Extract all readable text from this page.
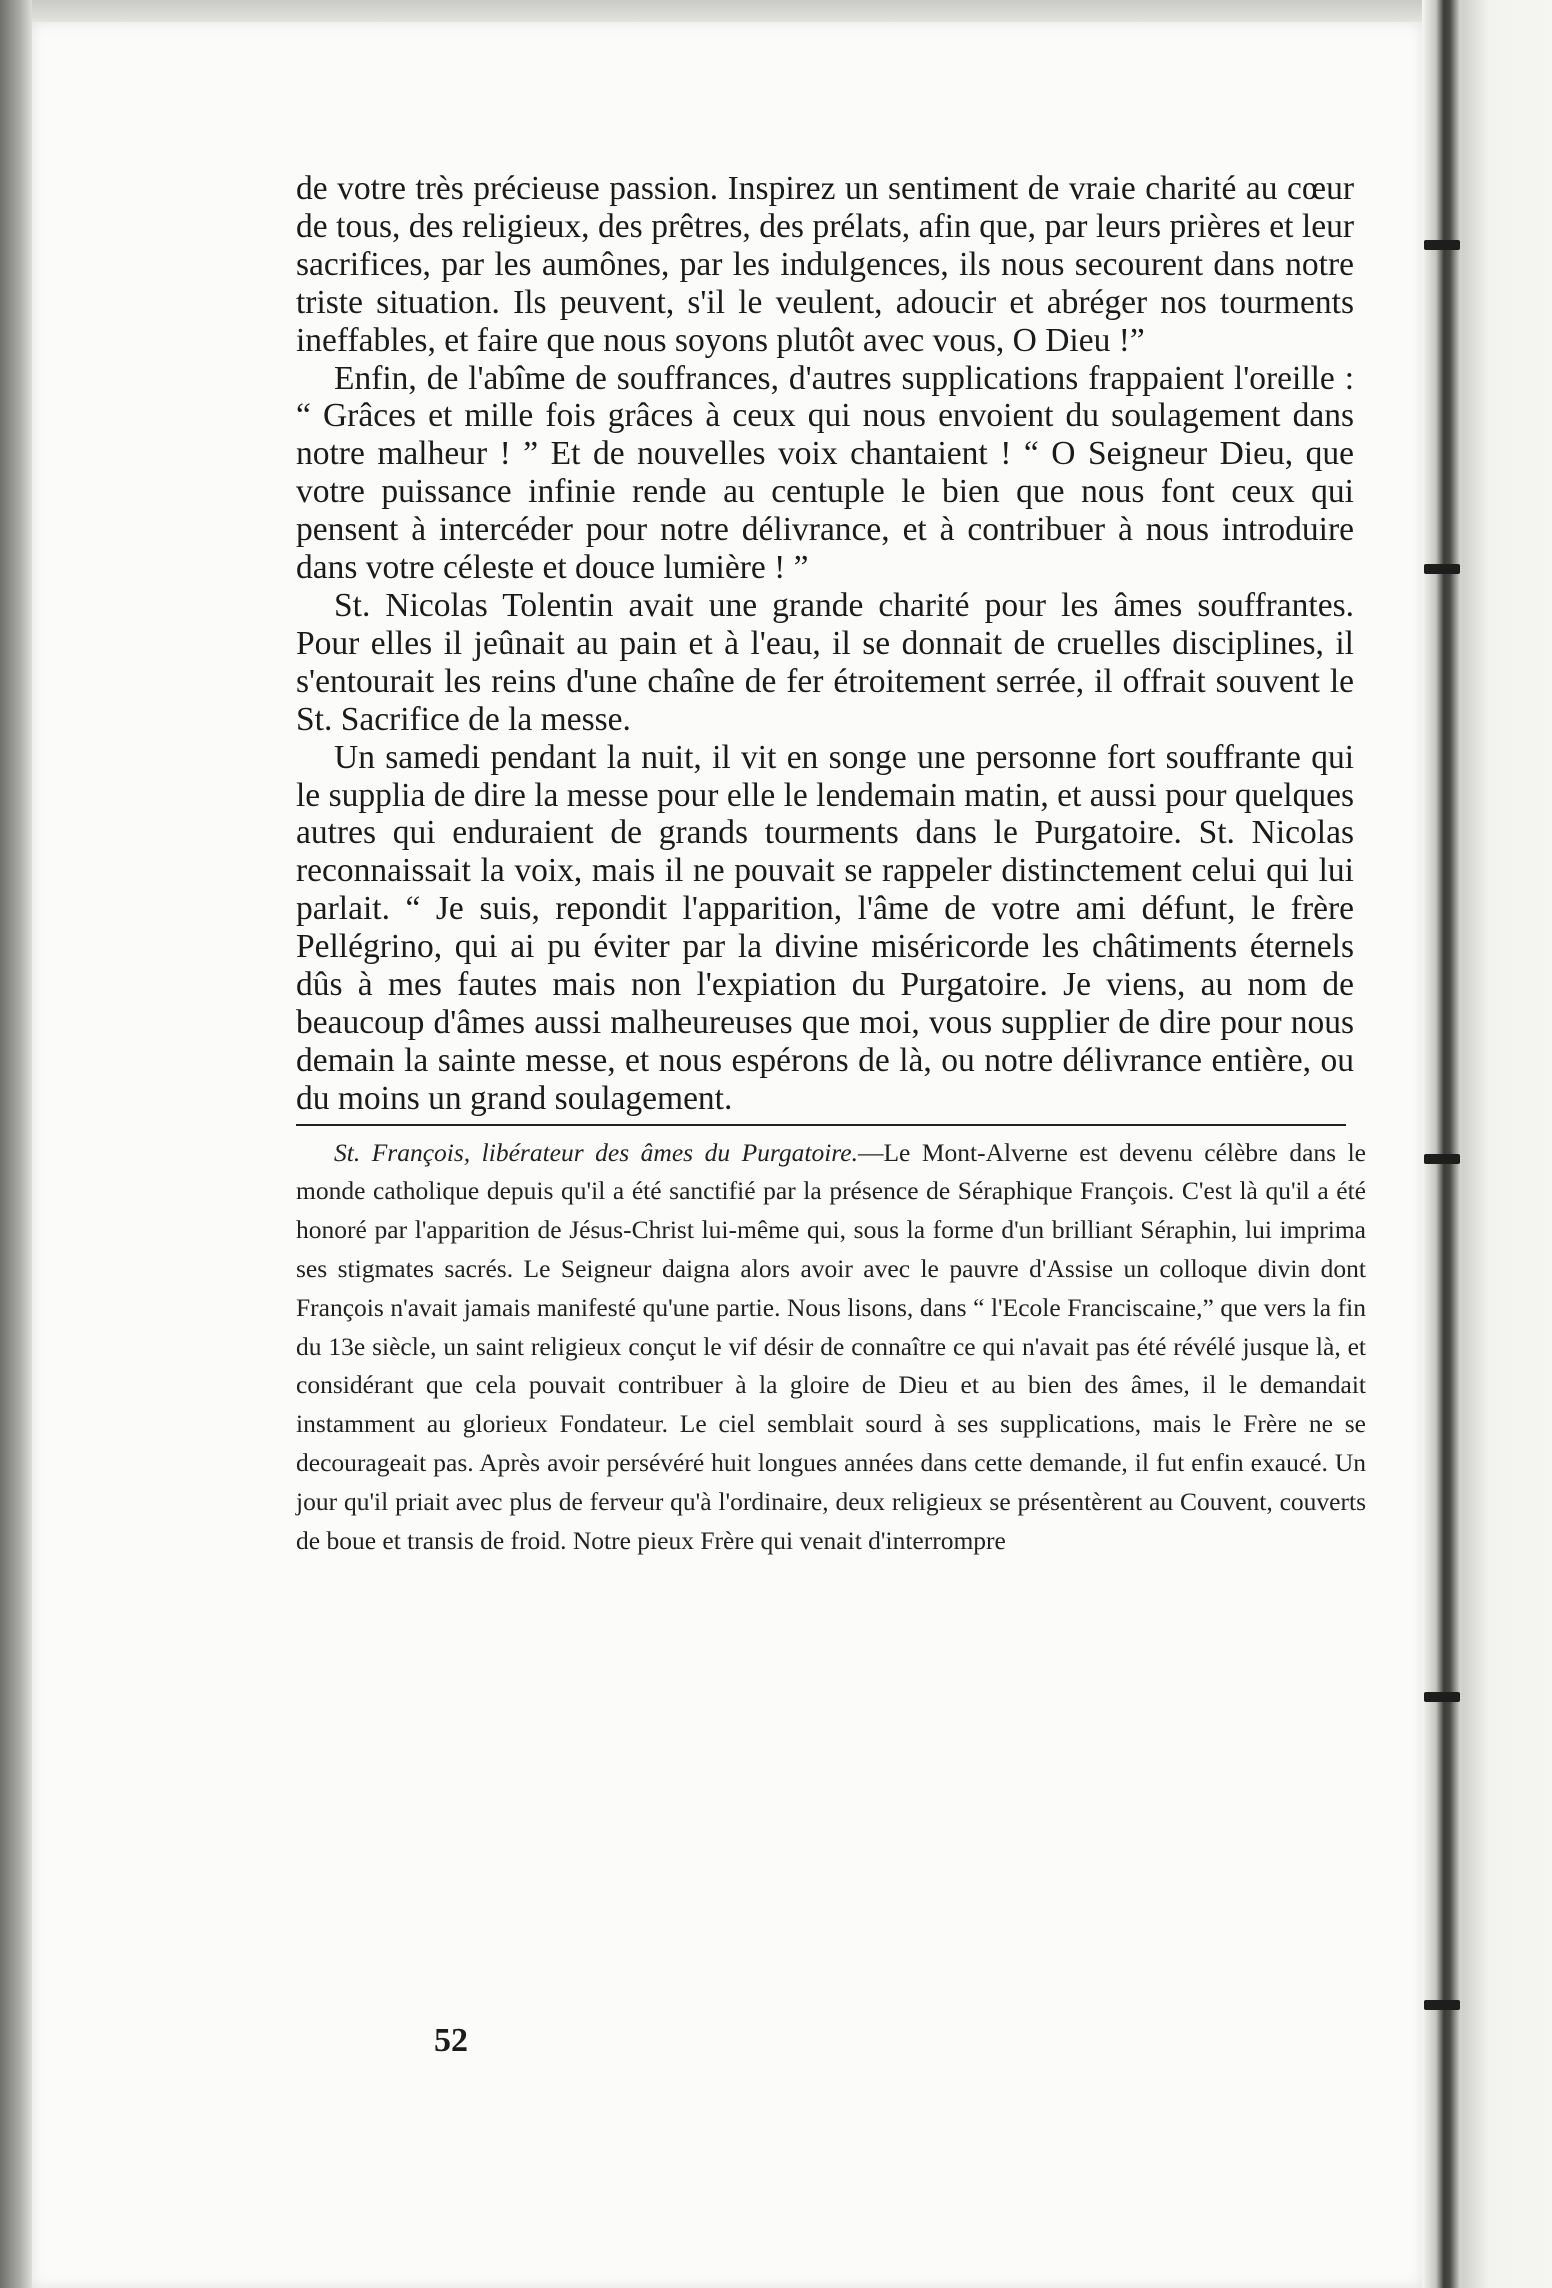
de votre très précieuse passion. Inspirez un sentiment de vraie charité au cœur de tous, des religieux, des prêtres, des prélats, afin que, par leurs prières et leur sacrifices, par les aumônes, par les indulgences, ils nous secourent dans notre triste situation. Ils peuvent, s'il le veulent, adoucir et abréger nos tourments ineffables, et faire que nous soyons plutôt avec vous, O Dieu !”

Enfin, de l'abîme de souffrances, d'autres supplications frappaient l'oreille : “ Grâces et mille fois grâces à ceux qui nous envoient du soulagement dans notre malheur ! ” Et de nouvelles voix chantaient ! “ O Seigneur Dieu, que votre puissance infinie rende au centuple le bien que nous font ceux qui pensent à intercéder pour notre délivrance, et à contribuer à nous introduire dans votre céleste et douce lumière ! ”

St. Nicolas Tolentin avait une grande charité pour les âmes souffrantes. Pour elles il jeûnait au pain et à l'eau, il se donnait de cruelles disciplines, il s'entourait les reins d'une chaîne de fer étroitement serrée, il offrait souvent le St. Sacrifice de la messe.

Un samedi pendant la nuit, il vit en songe une personne fort souffrante qui le supplia de dire la messe pour elle le lendemain matin, et aussi pour quelques autres qui enduraient de grands tourments dans le Purgatoire. St. Nicolas reconnaissait la voix, mais il ne pouvait se rappeler distinctement celui qui lui parlait. “ Je suis, repondit l'apparition, l'âme de votre ami défunt, le frère Pellégrino, qui ai pu éviter par la divine miséricorde les châtiments éternels dûs à mes fautes mais non l'expiation du Purgatoire. Je viens, au nom de beaucoup d'âmes aussi malheureuses que moi, vous supplier de dire pour nous demain la sainte messe, et nous espérons de là, ou notre délivrance entière, ou du moins un grand soulagement.

St. François, libérateur des âmes du Purgatoire.—Le Mont-Alverne est devenu célèbre dans le monde catholique depuis qu'il a été sanctifié par la présence de Séraphique François. C'est là qu'il a été honoré par l'apparition de Jésus-Christ lui-même qui, sous la forme d'un brilliant Séraphin, lui imprima ses stigmates sacrés. Le Seigneur daigna alors avoir avec le pauvre d'Assise un colloque divin dont François n'avait jamais manifesté qu'une partie. Nous lisons, dans “ l'Ecole Franciscaine,” que vers la fin du 13e siècle, un saint religieux conçut le vif désir de connaître ce qui n'avait pas été révélé jusque là, et considérant que cela pouvait contribuer à la gloire de Dieu et au bien des âmes, il le demandait instamment au glorieux Fondateur. Le ciel semblait sourd à ses supplications, mais le Frère ne se decourageait pas. Après avoir persévéré huit longues années dans cette demande, il fut enfin exaucé. Un jour qu'il priait avec plus de ferveur qu'à l'ordinaire, deux religieux se présentèrent au Couvent, couverts de boue et transis de froid. Notre pieux Frère qui venait d'interrompre

52
